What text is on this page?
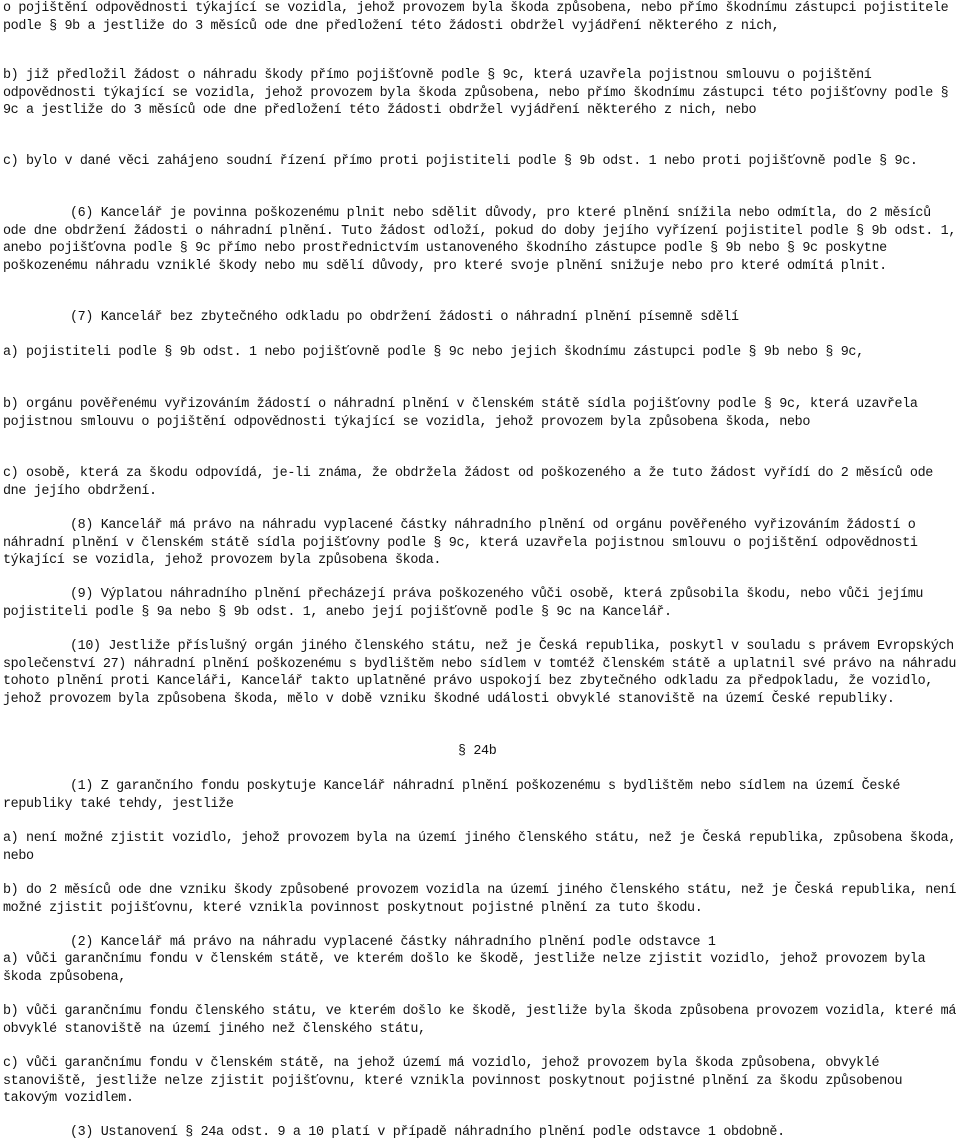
o pojištění odpovědnosti týkající se vozidla, jehož provozem byla škoda způsobena, nebo přímo škodnímu zástupci pojistitele podle § 9b a jestliže do 3 měsíců ode dne předložení této žádosti obdržel vyjádření některého z nich,

b) již předložil žádost o náhradu škody přímo pojišťovně podle § 9c, která uzavřela pojistnou smlouvu o pojištění odpovědnosti týkající se vozidla, jehož provozem byla škoda způsobena, nebo přímo škodnímu zástupci této pojišťovny podle § 9c a jestliže do 3 měsíců ode dne předložení této žádosti obdržel vyjádření některého z nich, nebo

c) bylo v dané věci zahájeno soudní řízení přímo proti pojistiteli podle § 9b odst. 1 nebo proti pojišťovně podle § 9c.

(6) Kancelář je povinna poškozenému plnit nebo sdělit důvody, pro které plnění snížila nebo odmítla, do 2 měsíců ode dne obdržení žádosti o náhradní plnění. Tuto žádost odloží, pokud do doby jejího vyřízení pojistitel podle § 9b odst. 1, anebo pojišťovna podle § 9c přímo nebo prostřednictvím ustanoveného škodního zástupce podle § 9b nebo § 9c poskytne poškozenému náhradu vzniklé škody nebo mu sdělí důvody, pro které svoje plnění snižuje nebo pro které odmítá plnit.

(7) Kancelář bez zbytečného odkladu po obdržení žádosti o náhradní plnění písemně sdělí

a) pojistiteli podle § 9b odst. 1 nebo pojišťovně podle § 9c nebo jejich škodnímu zástupci podle § 9b nebo § 9c,

b) orgánu pověřenému vyřizováním žádostí o náhradní plnění v členském státě sídla pojišťovny podle § 9c, která uzavřela pojistnou smlouvu o pojištění odpovědnosti týkající se vozidla, jehož provozem byla způsobena škoda, nebo

c) osobě, která za škodu odpovídá, je-li známa, že obdržela žádost od poškozeného a že tuto žádost vyřídí do 2 měsíců ode dne jejího obdržení.

(8) Kancelář má právo na náhradu vyplacené částky náhradního plnění od orgánu pověřeného vyřizováním žádostí o náhradní plnění v členském státě sídla pojišťovny podle § 9c, která uzavřela pojistnou smlouvu o pojištění odpovědnosti týkající se vozidla, jehož provozem byla způsobena škoda.

(9) Výplatou náhradního plnění přecházejí práva poškozeného vůči osobě, která způsobila škodu, nebo vůči jejímu pojistiteli podle § 9a nebo § 9b odst. 1, anebo její pojišťovně podle § 9c na Kancelář.

(10) Jestliže příslušný orgán jiného členského státu, než je Česká republika, poskytl v souladu s právem Evropských společenství 27) náhradní plnění poškozenému s bydlištěm nebo sídlem v tomtéž členském státě a uplatnil své právo na náhradu tohoto plnění proti Kanceláři, Kancelář takto uplatněné právo uspokojí bez zbytečného odkladu za předpokladu, že vozidlo, jehož provozem byla způsobena škoda, mělo v době vzniku škodné události obvyklé stanoviště na území České republiky.

§ 24b

(1) Z garančního fondu poskytuje Kancelář náhradní plnění poškozenému s bydlištěm nebo sídlem na území České republiky také tehdy, jestliže

a) není možné zjistit vozidlo, jehož provozem byla na území jiného členského státu, než je Česká republika, způsobena škoda, nebo

b) do 2 měsíců ode dne vzniku škody způsobené provozem vozidla na území jiného členského státu, než je Česká republika, není možné zjistit pojišťovnu, které vznikla povinnost poskytnout pojistné plnění za tuto škodu.

(2) Kancelář má právo na náhradu vyplacené částky náhradního plnění podle odstavce 1

a) vůči garančnímu fondu v členském státě, ve kterém došlo ke škodě, jestliže nelze zjistit vozidlo, jehož provozem byla škoda způsobena,

b) vůči garančnímu fondu členského státu, ve kterém došlo ke škodě, jestliže byla škoda způsobena provozem vozidla, které má obvyklé stanoviště na území jiného než členského státu,

c) vůči garančnímu fondu v členském státě, na jehož území má vozidlo, jehož provozem byla škoda způsobena, obvyklé stanoviště, jestliže nelze zjistit pojišťovnu, které vznikla povinnost poskytnout pojistné plnění za škodu způsobenou takovým vozidlem.

(3) Ustanovení § 24a odst. 9 a 10 platí v případě náhradního plnění podle odstavce 1 obdobně.
